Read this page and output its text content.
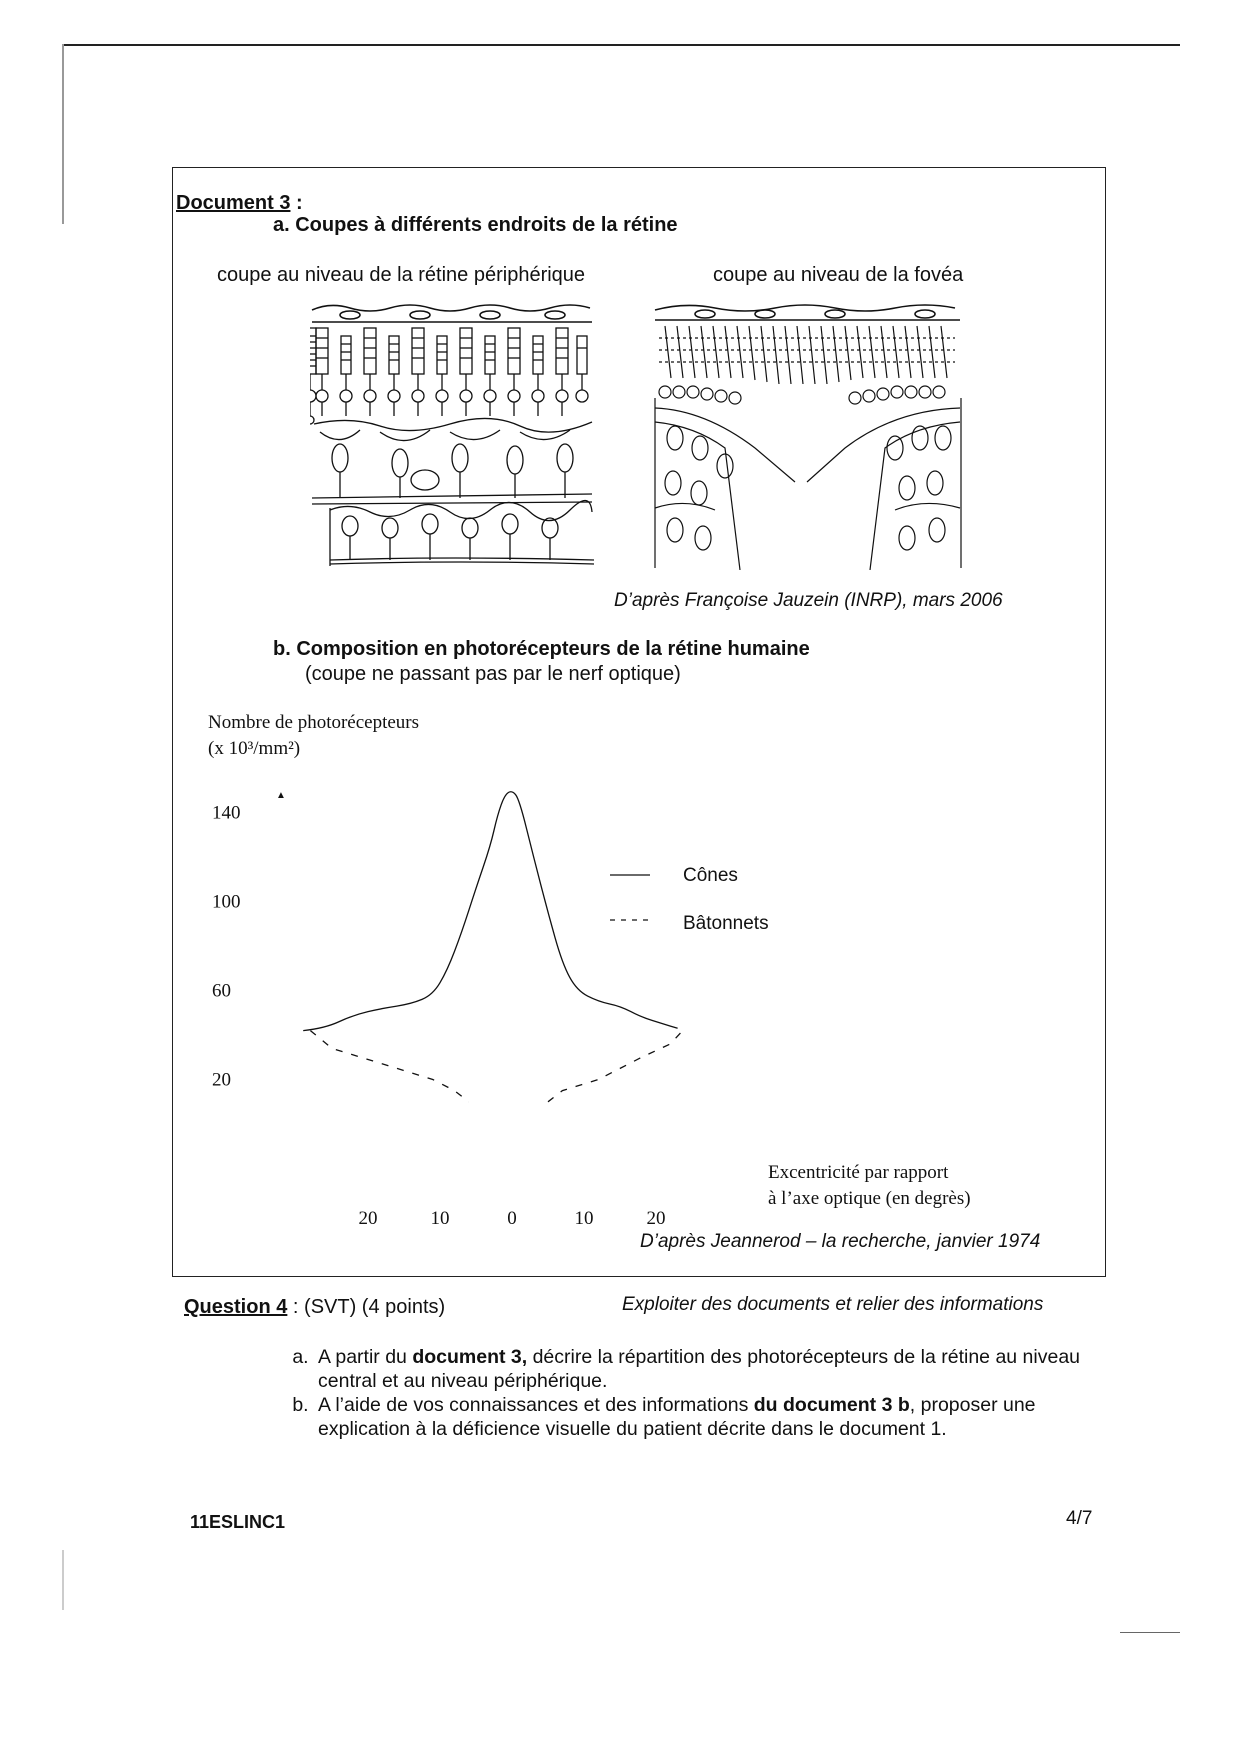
Document 3 :
a. Coupes à différents endroits de la rétine
coupe au niveau de la rétine périphérique	coupe au niveau de la fovéa
D’après Françoise Jauzein (INRP), mars 2006
b. Composition en photorécepteurs de la rétine humaine
(coupe ne passant pas par le nerf optique)
Nombre de photorécepteurs
(x 10³/mm²)
▲
140
100
60
20
20	10	0	10	20
Cônes
Bâtonnets
Excentricité par rapport
à l’axe optique (en degrès)
D’après Jeannerod – la recherche, janvier 1974
Question 4 : (SVT) (4 points)	Exploiter des documents et relier des informations
a. A partir du document 3, décrire la répartition des photorécepteurs de la rétine au niveau central et au niveau périphérique.
b. A l’aide de vos connaissances et des informations du document 3 b, proposer une explication à la déficience visuelle du patient décrite dans le document 1.
11ESLINC1	4/7
